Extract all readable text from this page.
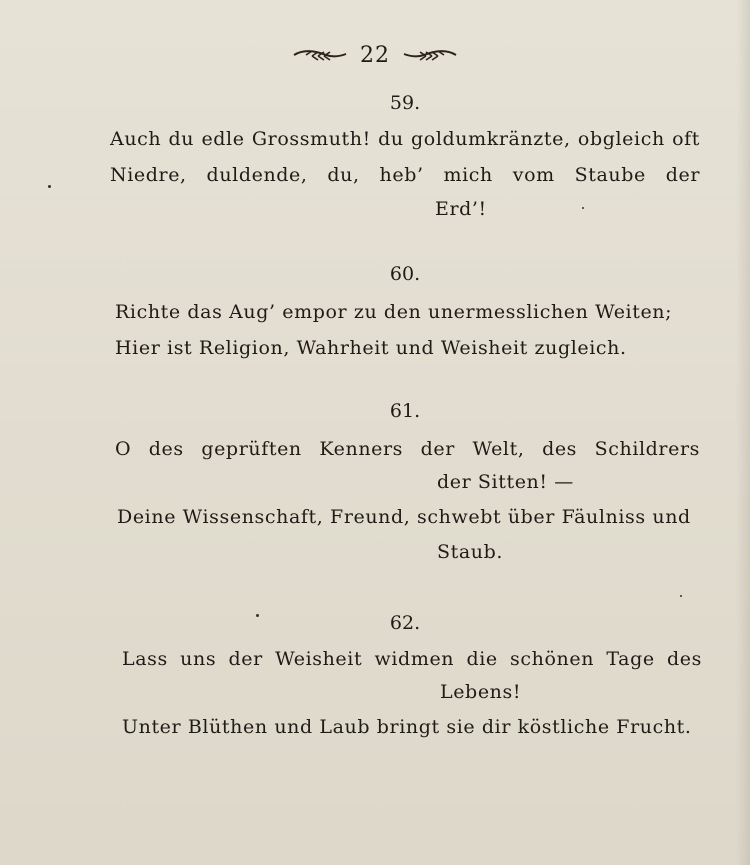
22
59.
Auch du edle Grossmuth! du goldumkränzte, obgleich oft
Niedre, duldende, du, heb’ mich vom Staube der
Erd’!
60.
Richte das Aug’ empor zu den unermesslichen Weiten;
Hier ist Religion, Wahrheit und Weisheit zugleich.
61.
O des geprüften Kenners der Welt, des Schildrers
der Sitten! —
Deine Wissenschaft, Freund, schwebt über Fäulniss und
Staub.
62.
Lass uns der Weisheit widmen die schönen Tage des
Lebens!
Unter Blüthen und Laub bringt sie dir köstliche Frucht.
